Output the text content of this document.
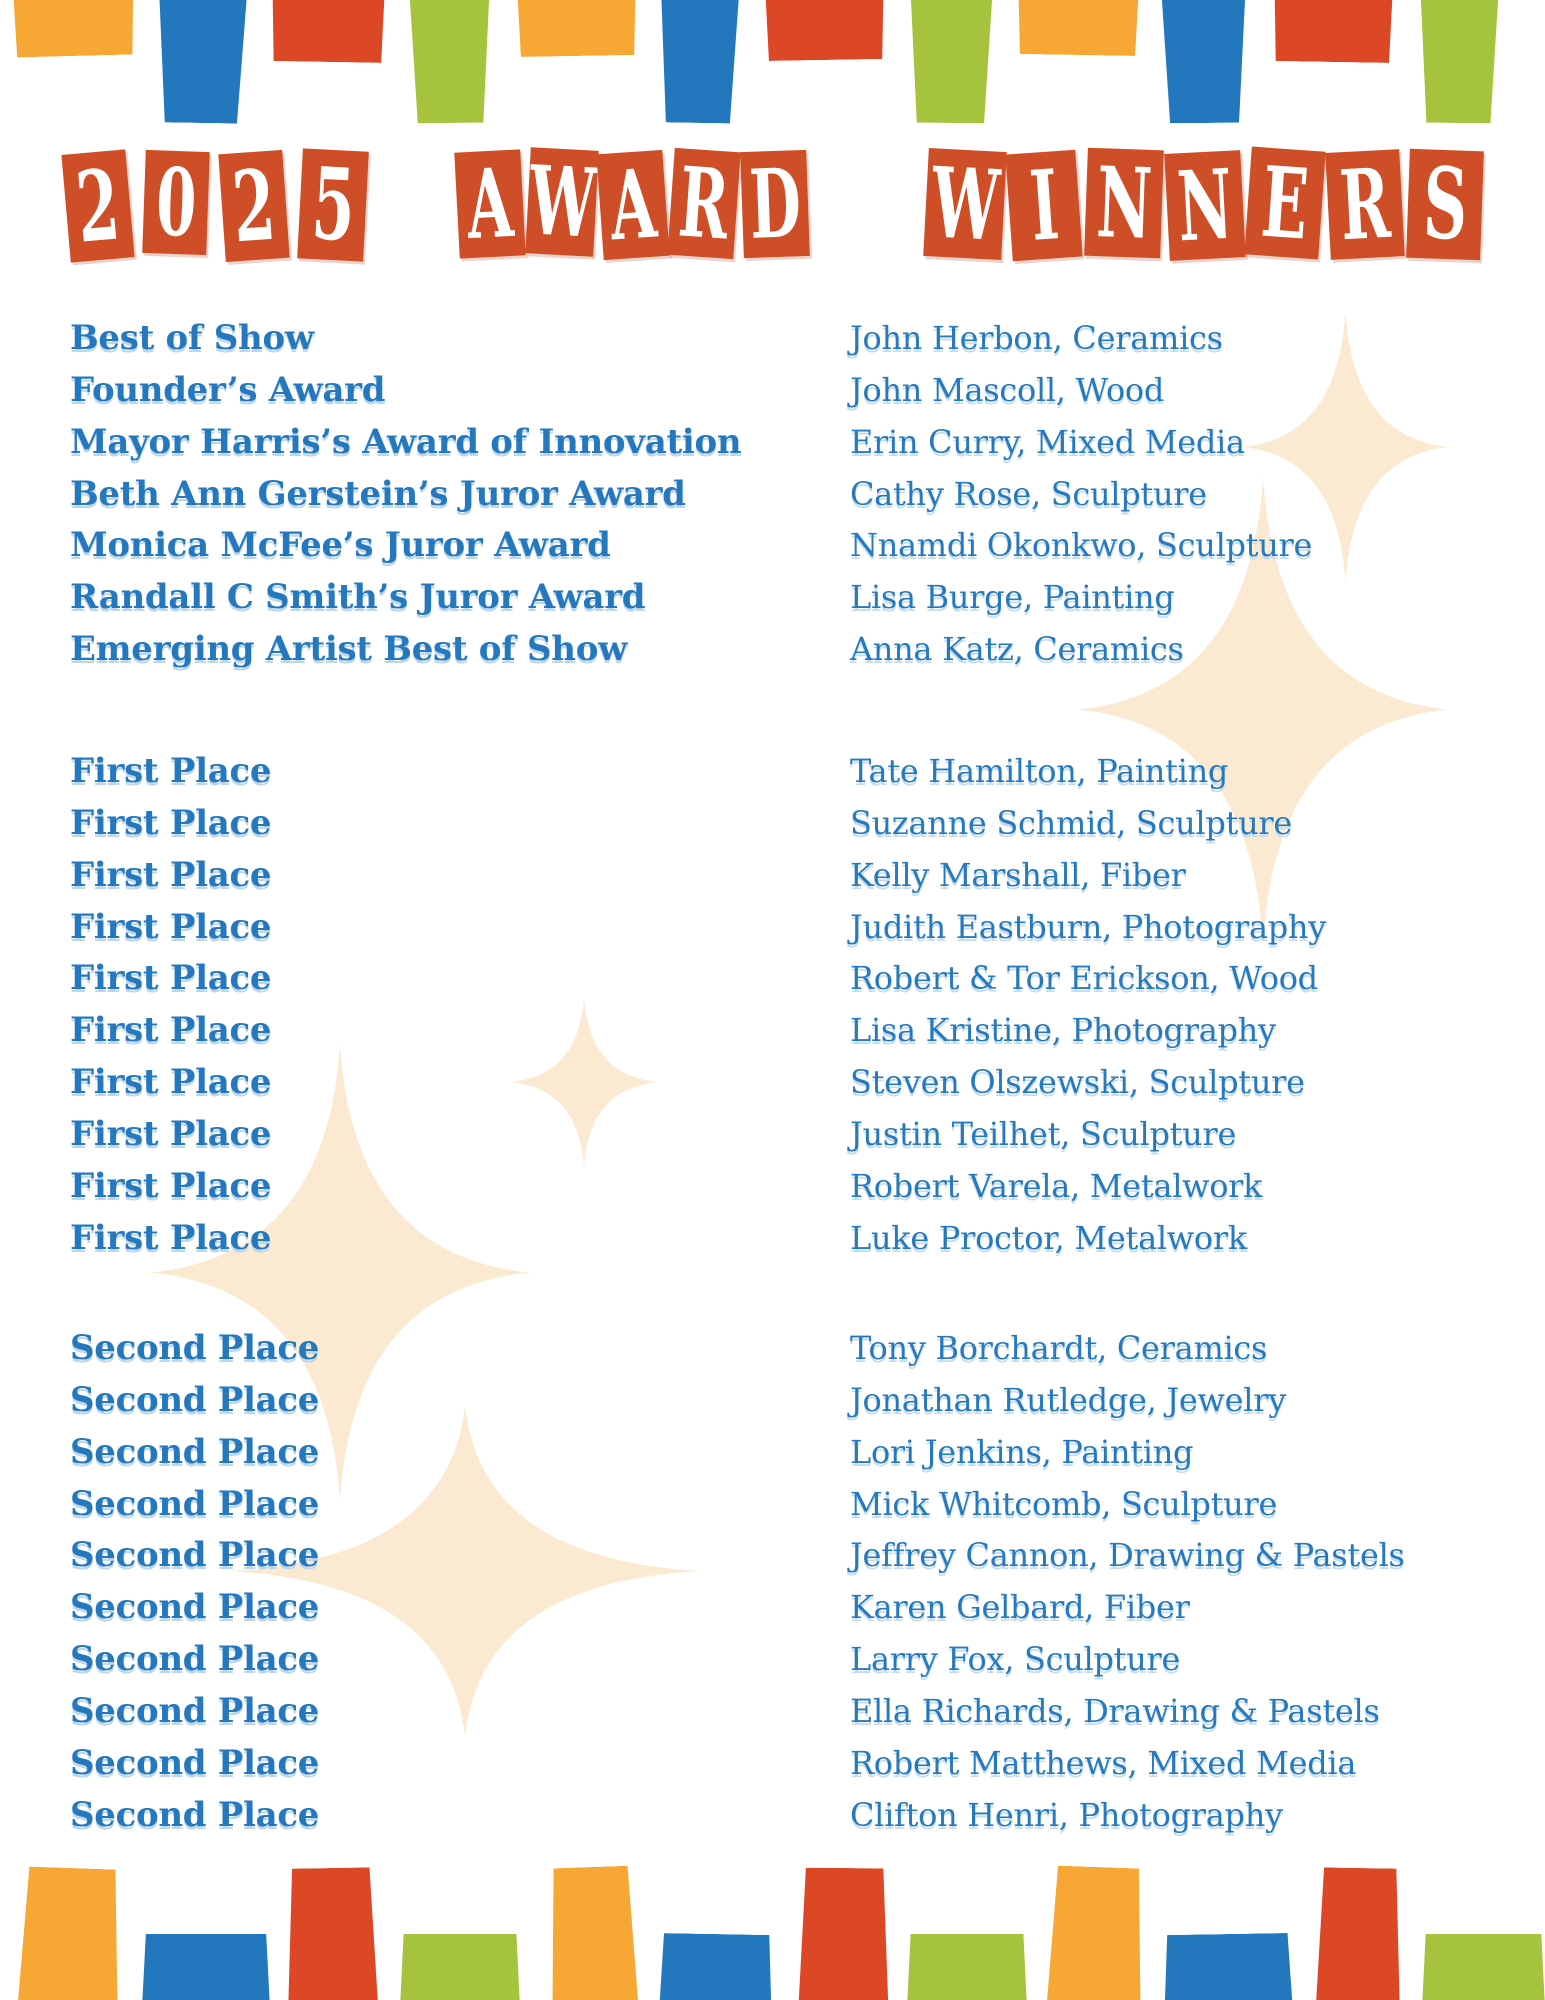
2 0 2 5 A W A R D W I N N E R S
Best of Show	John Herbon, Ceramics
Founder’s Award	John Mascoll, Wood
Mayor Harris’s Award of Innovation	Erin Curry, Mixed Media
Beth Ann Gerstein’s Juror Award	Cathy Rose, Sculpture
Monica McFee’s Juror Award	Nnamdi Okonkwo, Sculpture
Randall C Smith’s Juror Award	Lisa Burge, Painting
Emerging Artist Best of Show	Anna Katz, Ceramics
First Place	Tate Hamilton, Painting
First Place	Suzanne Schmid, Sculpture
First Place	Kelly Marshall, Fiber
First Place	Judith Eastburn, Photography
First Place	Robert & Tor Erickson, Wood
First Place	Lisa Kristine, Photography
First Place	Steven Olszewski, Sculpture
First Place	Justin Teilhet, Sculpture
First Place	Robert Varela, Metalwork
First Place	Luke Proctor, Metalwork
Second Place	Tony Borchardt, Ceramics
Second Place	Jonathan Rutledge, Jewelry
Second Place	Lori Jenkins, Painting
Second Place	Mick Whitcomb, Sculpture
Second Place	Jeffrey Cannon, Drawing & Pastels
Second Place	Karen Gelbard, Fiber
Second Place	Larry Fox, Sculpture
Second Place	Ella Richards, Drawing & Pastels
Second Place	Robert Matthews, Mixed Media
Second Place	Clifton Henri, Photography
